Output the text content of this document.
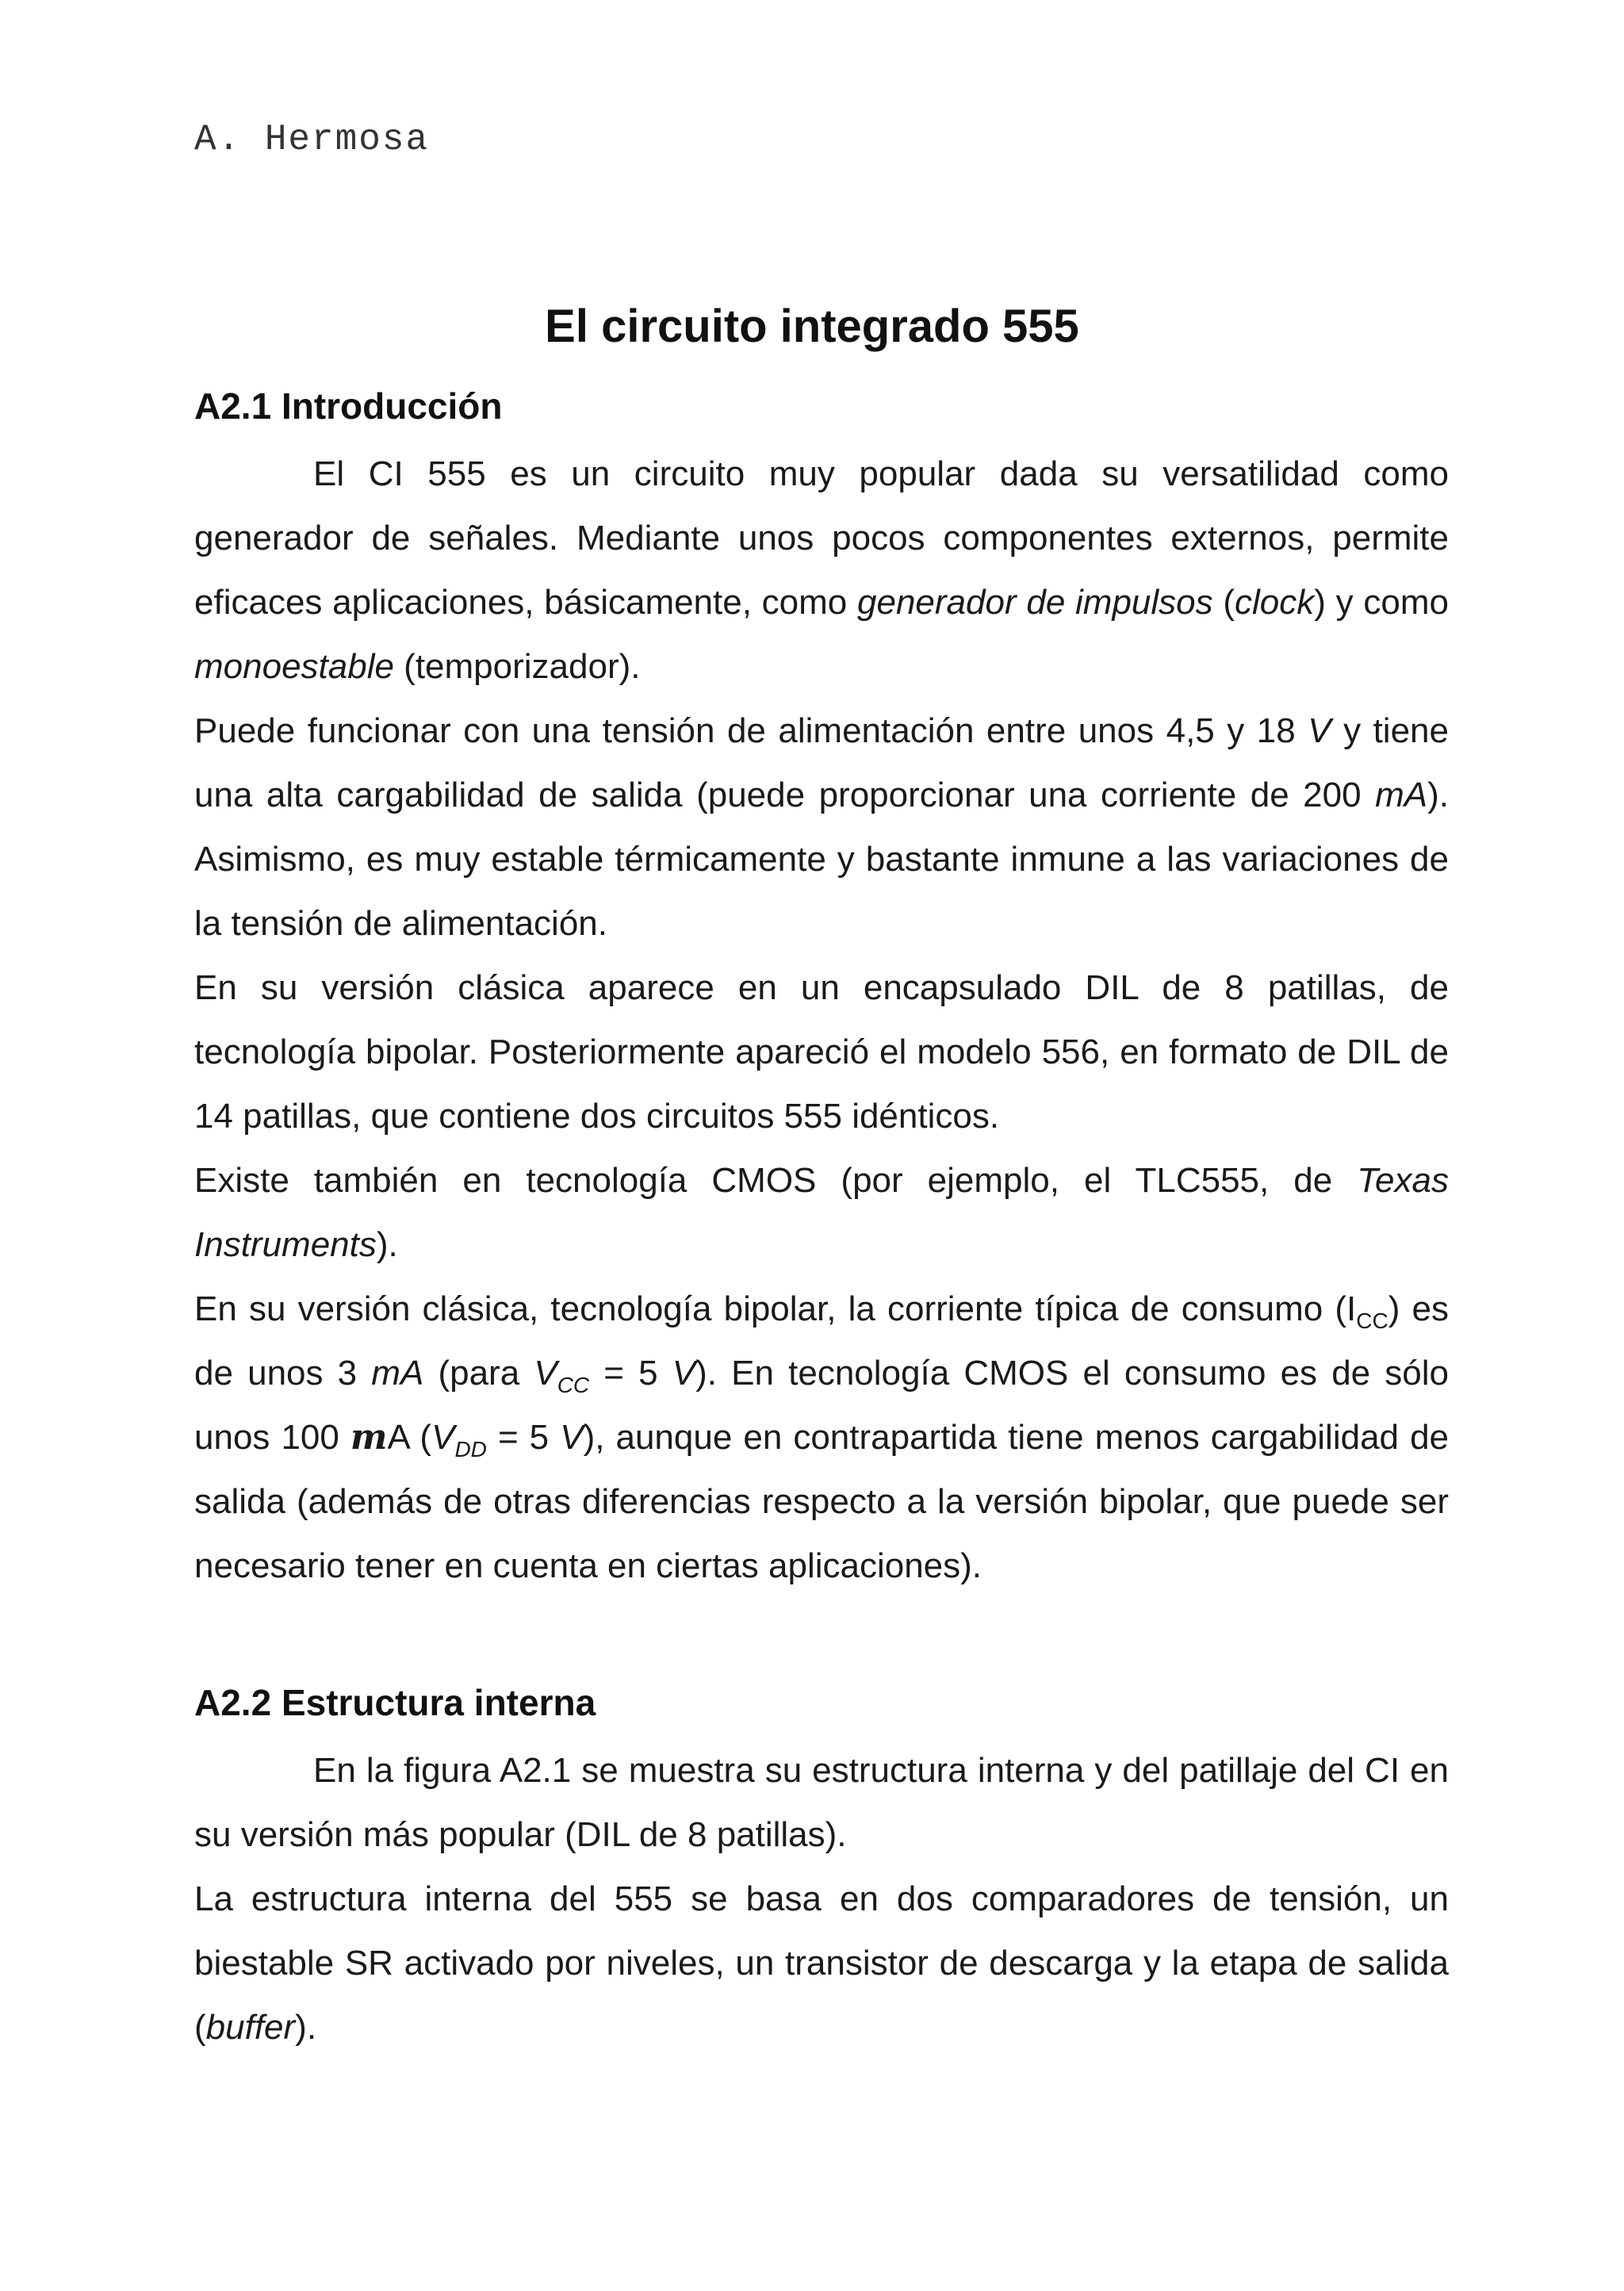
A. Hermosa
El circuito integrado 555
A2.1 Introducción

El CI 555 es un circuito muy popular dada su versatilidad como generador de señales. Mediante unos pocos componentes externos, permite eficaces aplicaciones, básicamente, como generador de impulsos (clock) y como monoestable (temporizador).

Puede funcionar con una tensión de alimentación entre unos 4,5 y 18 V y tiene una alta cargabilidad de salida (puede proporcionar una corriente de 200 mA). Asimismo, es muy estable térmicamente y bastante inmune a las variaciones de la tensión de alimentación.

En su versión clásica aparece en un encapsulado DIL de 8 patillas, de tecnología bipolar. Posteriormente apareció el modelo 556, en formato de DIL de 14 patillas, que contiene dos circuitos 555 idénticos.

Existe también en tecnología CMOS (por ejemplo, el TLC555, de Texas Instruments).

En su versión clásica, tecnología bipolar, la corriente típica de consumo $(I_{CC})$ es de unos 3 mA (para $V_{CC} = 5$ V). En tecnología CMOS el consumo es de sólo unos 100 mA ($V_{DD} = 5$ V), aunque en contrapartida tiene menos cargabilidad de salida (además de otras diferencias respecto a la versión bipolar, que puede ser necesario tener en cuenta en ciertas aplicaciones).

A2.2 Estructura interna

En la figura A2.1 se muestra su estructura interna y del patillaje del CI en su versión más popular (DIL de 8 patillas).

La estructura interna del 555 se basa en dos comparadores de tensión, un biestable SR activado por niveles, un transistor de descarga y la etapa de salida (buffer).
